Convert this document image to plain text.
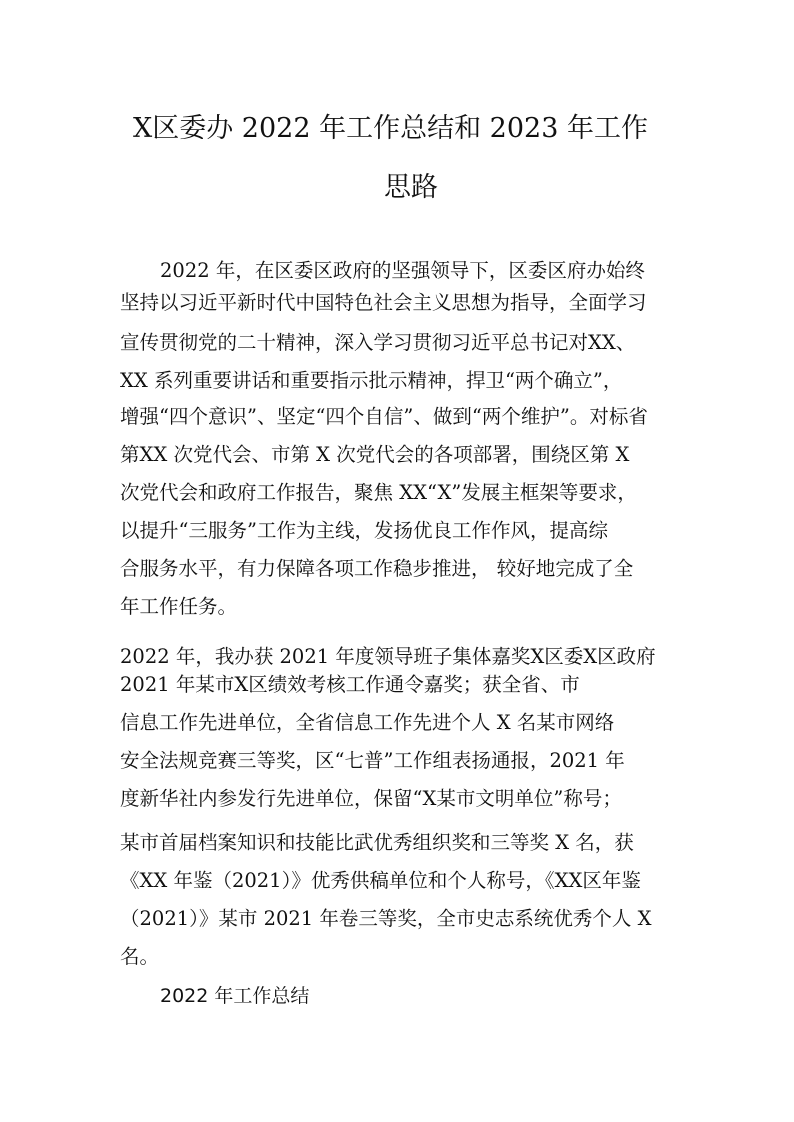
X区委办 2022 年工作总结和 2023 年工作
思路
2022 年，在区委区政府的坚强领导下，区委区府办始终
坚持以习近平新时代中国特色社会主义思想为指导，全面学习
宣传贯彻党的二十精神，深入学习贯彻习近平总书记对XX、
XX 系列重要讲话和重要指示批示精神，捍卫“两个确立”，
增强“四个意识”、坚定“四个自信”、做到“两个维护”。对标省
第XX 次党代会、市第 X 次党代会的各项部署，围绕区第 X
次党代会和政府工作报告，聚焦 XX“X”发展主框架等要求，
以提升“三服务”工作为主线，发扬优良工作作风，提高综
合服务水平，有力保障各项工作稳步推进， 较好地完成了全
年工作任务。
2022 年，我办获 2021 年度领导班子集体嘉奖X区委X区政府
2021 年某市X区绩效考核工作通令嘉奖；获全省、市
信息工作先进单位，全省信息工作先进个人 X 名某市网络
安全法规竞赛三等奖，区“七普”工作组表扬通报，2021 年
度新华社内参发行先进单位，保留“X某市文明单位”称号；
某市首届档案知识和技能比武优秀组织奖和三等奖 X 名，获
《XX 年鉴（2021）》优秀供稿单位和个人称号，《XX区年鉴
（2021）》某市 2021 年卷三等奖，全市史志系统优秀个人 X
名。
2022 年工作总结
